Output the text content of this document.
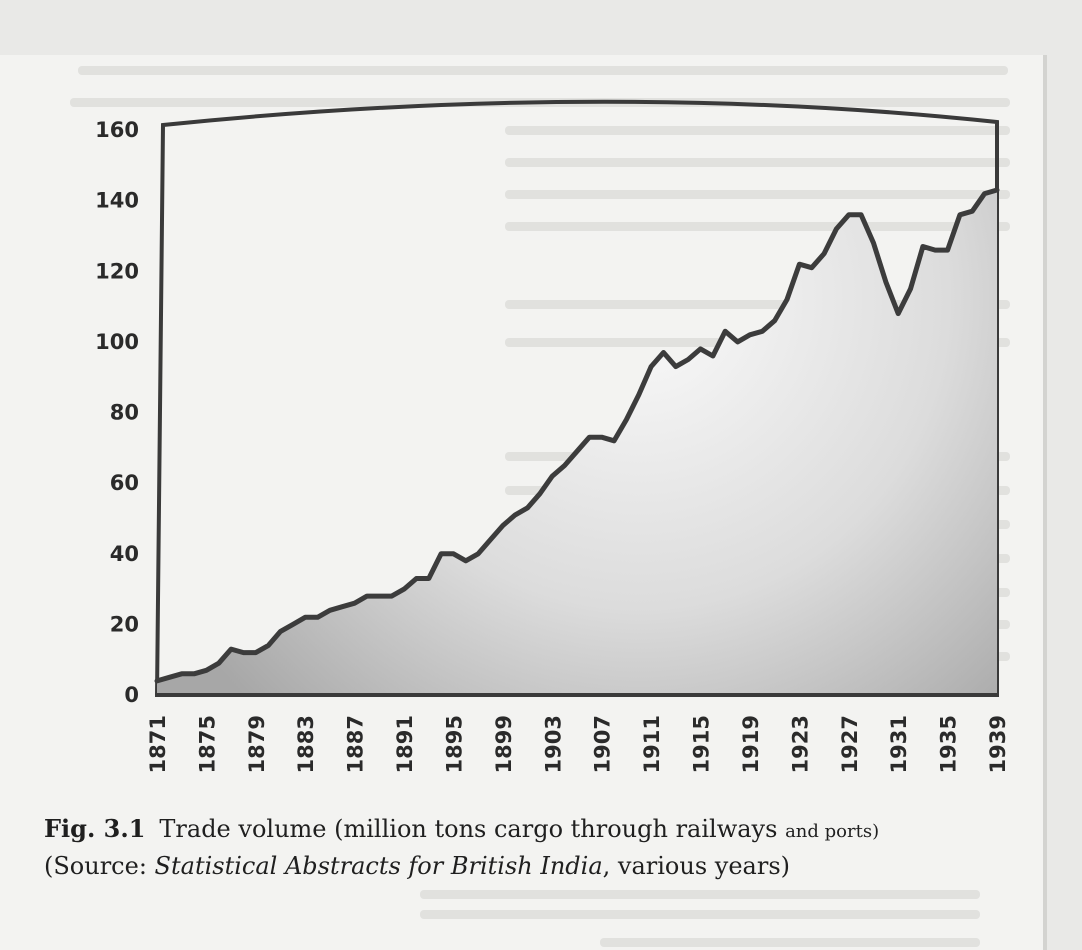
0
20
40
60
80
100
120
140
160
1871 1875 1879 1883 1887 1891 1895 1899 1903 1907 1911 1915 1919 1923 1927 1931 1935 1939
Fig. 3.1 Trade volume (million tons cargo through railways and ports)
(Source: Statistical Abstracts for British India, various years)
